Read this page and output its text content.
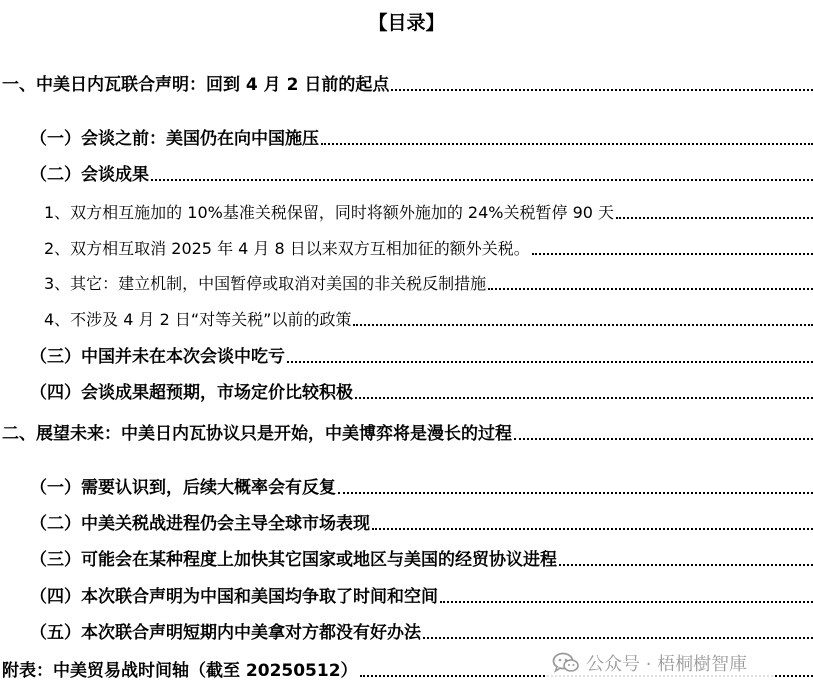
【目录】
一、中美日内瓦联合声明：回到 4 月 2 日前的起点
（一）会谈之前：美国仍在向中国施压
（二）会谈成果
1、双方相互施加的 10%基准关税保留，同时将额外施加的 24%关税暂停 90 天
2、双方相互取消 2025 年 4 月 8 日以来双方互相加征的额外关税。
3、其它：建立机制，中国暂停或取消对美国的非关税反制措施
4、不涉及 4 月 2 日“对等关税”以前的政策
（三）中国并未在本次会谈中吃亏
（四）会谈成果超预期，市场定价比较积极
二、展望未来：中美日内瓦协议只是开始，中美博弈将是漫长的过程
（一）需要认识到，后续大概率会有反复
（二）中美关税战进程仍会主导全球市场表现
（三）可能会在某种程度上加快其它国家或地区与美国的经贸协议进程
（四）本次联合声明为中国和美国均争取了时间和空间
（五）本次联合声明短期内中美拿对方都没有好办法
附表：中美贸易战时间轴（截至 20250512）	公众号 · 梧桐樹智庫
